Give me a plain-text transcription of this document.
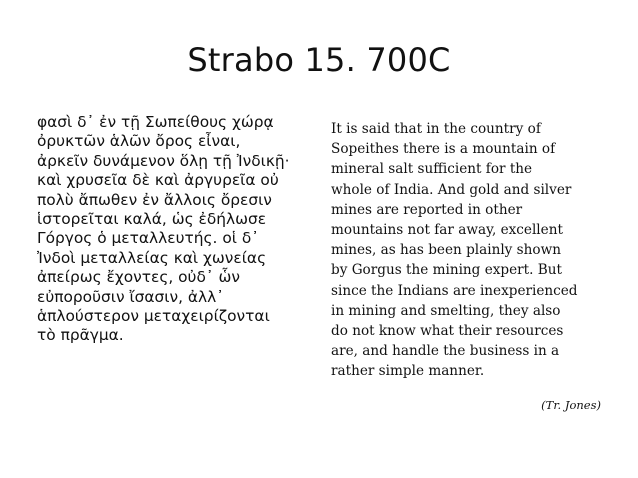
Strabo 15. 700C
φασὶ δ᾽ ἐν τῇ Σωπείθους χώρᾳ
ὀρυκτῶν ἁλῶν ὄρος εἶναι,
ἀρκεῖν δυνάμενον ὅλῃ τῇ Ἰνδικῇ·
καὶ χρυσεῖα δὲ καὶ ἀργυρεῖα οὐ
πολὺ ἄπωθεν ἐν ἄλλοις ὄρεσιν
ἱστορεῖται καλά, ὡς ἐδήλωσε
Γόργος ὁ μεταλλευτής. οἱ δ᾽
Ἰνδοὶ μεταλλείας καὶ χωνείας
ἀπείρως ἔχοντες, οὐδ᾽ ὧν
εὐποροῦσιν ἴσασιν, ἀλλ᾽
ἁπλούστερον μεταχειρίζονται
τὸ πρᾶγμα.
It is said that in the country of
Sopeithes there is a mountain of
mineral salt sufficient for the
whole of India. And gold and silver
mines are reported in other
mountains not far away, excellent
mines, as has been plainly shown
by Gorgus the mining expert. But
since the Indians are inexperienced
in mining and smelting, they also
do not know what their resources
are, and handle the business in a
rather simple manner.
(Tr. Jones)
